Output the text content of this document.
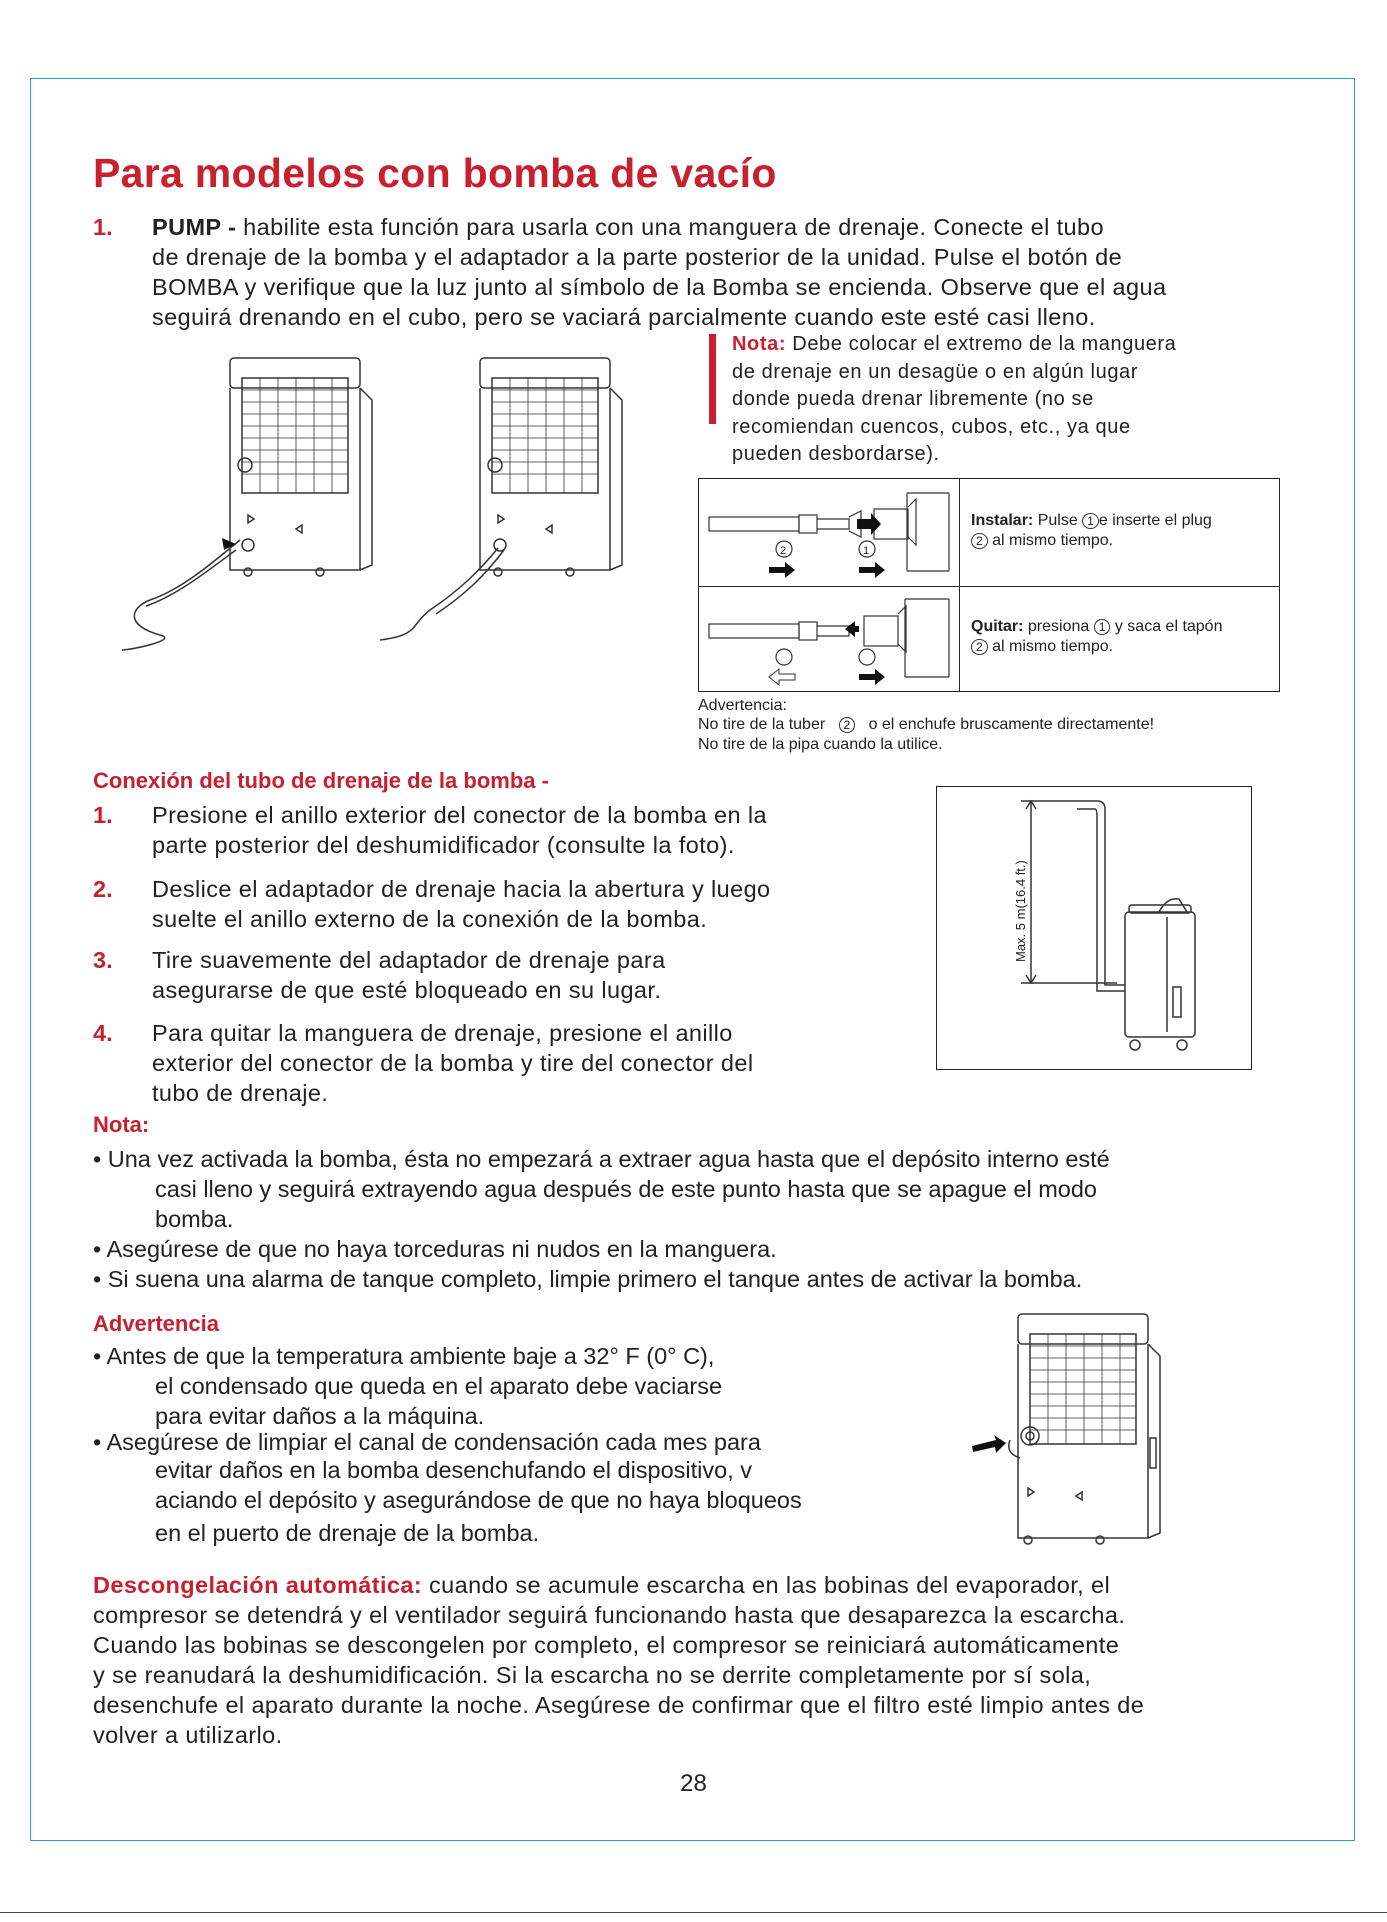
Para modelos con bomba de vacío
1. PUMP - habilite esta función para usarla con una manguera de drenaje. Conecte el tubo
de drenaje de la bomba y el adaptador a la parte posterior de la unidad. Pulse el botón de
BOMBA y verifique que la luz junto al símbolo de la Bomba se encienda. Observe que el agua
seguirá drenando en el cubo, pero se vaciará parcialmente cuando este esté casi lleno.
Nota: Debe colocar el extremo de la manguera
de drenaje en un desagüe o en algún lugar
donde pueda drenar libremente (no se
recomiendan cuencos, cubos, etc., ya que
pueden desbordarse).
2	1
Instalar: Pulse 1 e inserte el plug
2 al mismo tiempo.
Quitar: presiona 1 y saca el tapón
2 al mismo tiempo.
Advertencia:
No tire de la tuber 2 o el enchufe bruscamente directamente!
No tire de la pipa cuando la utilice.
Conexión del tubo de drenaje de la bomba -
1. Presione el anillo exterior del conector de la bomba en la
parte posterior del deshumidificador (consulte la foto).
2. Deslice el adaptador de drenaje hacia la abertura y luego
suelte el anillo externo de la conexión de la bomba.
3. Tire suavemente del adaptador de drenaje para
asegurarse de que esté bloqueado en su lugar.
4. Para quitar la manguera de drenaje, presione el anillo
exterior del conector de la bomba y tire del conector del
tubo de drenaje.
Max. 5 m(16.4 ft.)
Nota:
• Una vez activada la bomba, ésta no empezará a extraer agua hasta que el depósito interno esté
casi lleno y seguirá extrayendo agua después de este punto hasta que se apague el modo
bomba.
• Asegúrese de que no haya torceduras ni nudos en la manguera.
• Si suena una alarma de tanque completo, limpie primero el tanque antes de activar la bomba.
Advertencia
• Antes de que la temperatura ambiente baje a 32° F (0° C),
el condensado que queda en el aparato debe vaciarse
para evitar daños a la máquina.
• Asegúrese de limpiar el canal de condensación cada mes para
evitar daños en la bomba desenchufando el dispositivo, v
aciando el depósito y asegurándose de que no haya bloqueos
en el puerto de drenaje de la bomba.
Descongelación automática: cuando se acumule escarcha en las bobinas del evaporador, el
compresor se detendrá y el ventilador seguirá funcionando hasta que desaparezca la escarcha.
Cuando las bobinas se descongelen por completo, el compresor se reiniciará automáticamente
y se reanudará la deshumidificación. Si la escarcha no se derrite completamente por sí sola,
desenchufe el aparato durante la noche. Asegúrese de confirmar que el filtro esté limpio antes de
volver a utilizarlo.
28
